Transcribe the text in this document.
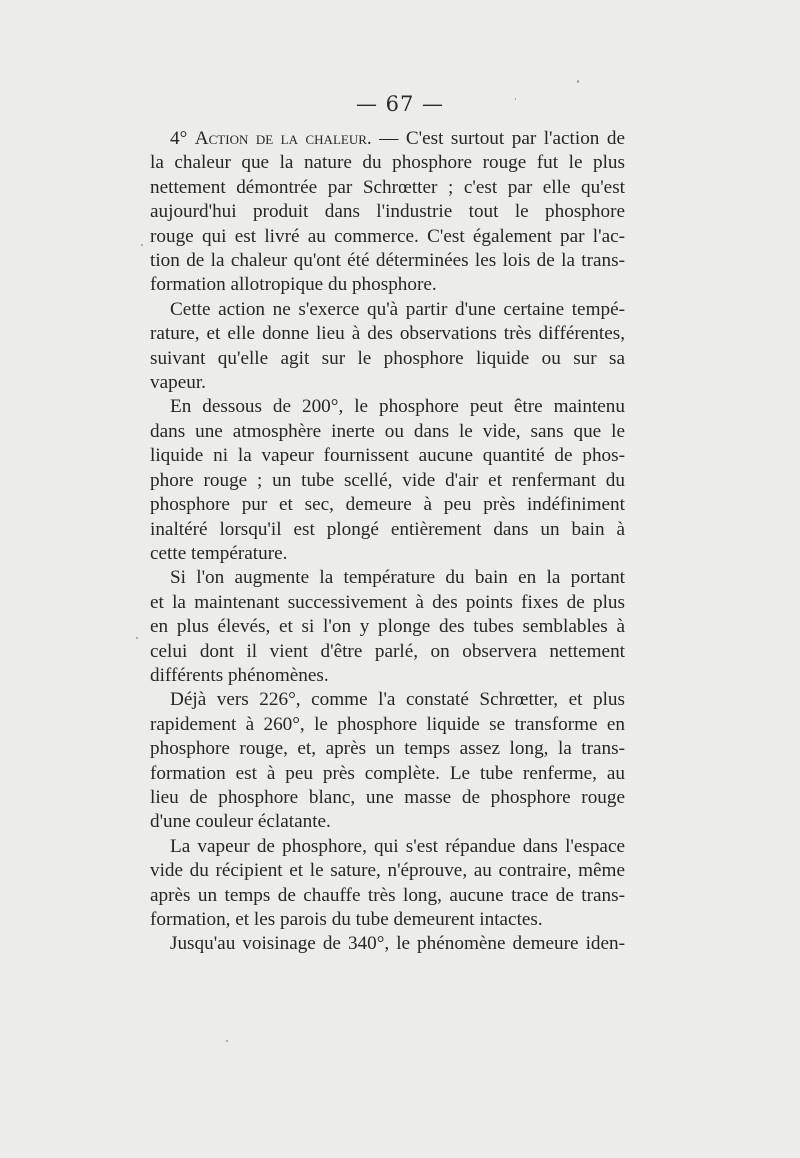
— 67 —
4° Action de la chaleur. — C'est surtout par l'action de
la chaleur que la nature du phosphore rouge fut le plus
nettement démontrée par Schrœtter ; c'est par elle qu'est
aujourd'hui produit dans l'industrie tout le phosphore
rouge qui est livré au commerce. C'est également par l'ac-
tion de la chaleur qu'ont été déterminées les lois de la trans-
formation allotropique du phosphore.
Cette action ne s'exerce qu'à partir d'une certaine tempé-
rature, et elle donne lieu à des observations très différentes,
suivant qu'elle agit sur le phosphore liquide ou sur sa
vapeur.
En dessous de 200°, le phosphore peut être maintenu
dans une atmosphère inerte ou dans le vide, sans que le
liquide ni la vapeur fournissent aucune quantité de phos-
phore rouge ; un tube scellé, vide d'air et renfermant du
phosphore pur et sec, demeure à peu près indéfiniment
inaltéré lorsqu'il est plongé entièrement dans un bain à
cette température.
Si l'on augmente la température du bain en la portant
et la maintenant successivement à des points fixes de plus
en plus élevés, et si l'on y plonge des tubes semblables à
celui dont il vient d'être parlé, on observera nettement
différents phénomènes.
Déjà vers 226°, comme l'a constaté Schrœtter, et plus
rapidement à 260°, le phosphore liquide se transforme en
phosphore rouge, et, après un temps assez long, la trans-
formation est à peu près complète. Le tube renferme, au
lieu de phosphore blanc, une masse de phosphore rouge
d'une couleur éclatante.
La vapeur de phosphore, qui s'est répandue dans l'espace
vide du récipient et le sature, n'éprouve, au contraire, même
après un temps de chauffe très long, aucune trace de trans-
formation, et les parois du tube demeurent intactes.
Jusqu'au voisinage de 340°, le phénomène demeure iden-
